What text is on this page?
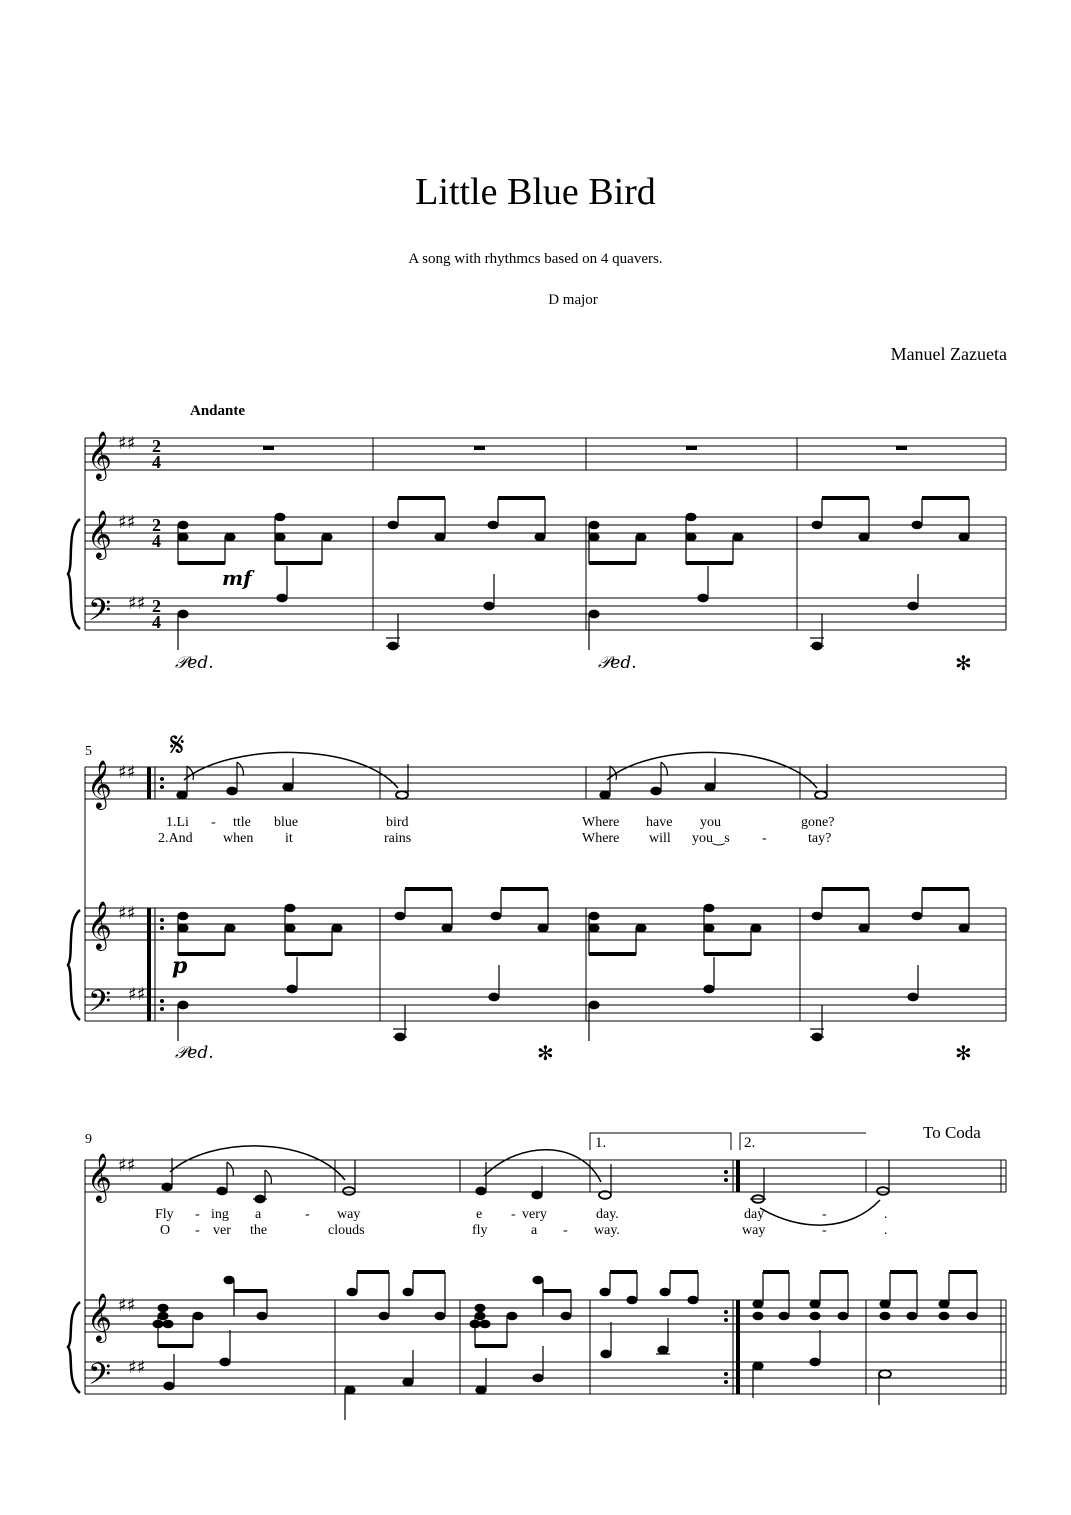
Little Blue Bird
A song with rhythmcs based on 4 quavers.
D major
Manuel Zazueta
Andante
𝄞
𝄞
𝄢
♯♯
♯♯
♯♯
2
4
2
4
2
4
mf
𝒫ed.	𝒫ed.	✻
5 𝄋
𝄞
𝄞
𝄢
♯♯
♯♯
♯♯
1.Li - ttle blue	bird	Where have you	gone?
2.And when it	rains	Where will you‿s -	tay?
p
𝒫ed.	✻	✻
9	1.	2.
To Coda
𝄞
𝄞
𝄢
♯♯
♯♯
♯♯
Fly - ing a	- way	e - very	day.	day	-	.
O - ver the	clouds	fly	a - way.	way	-	.
